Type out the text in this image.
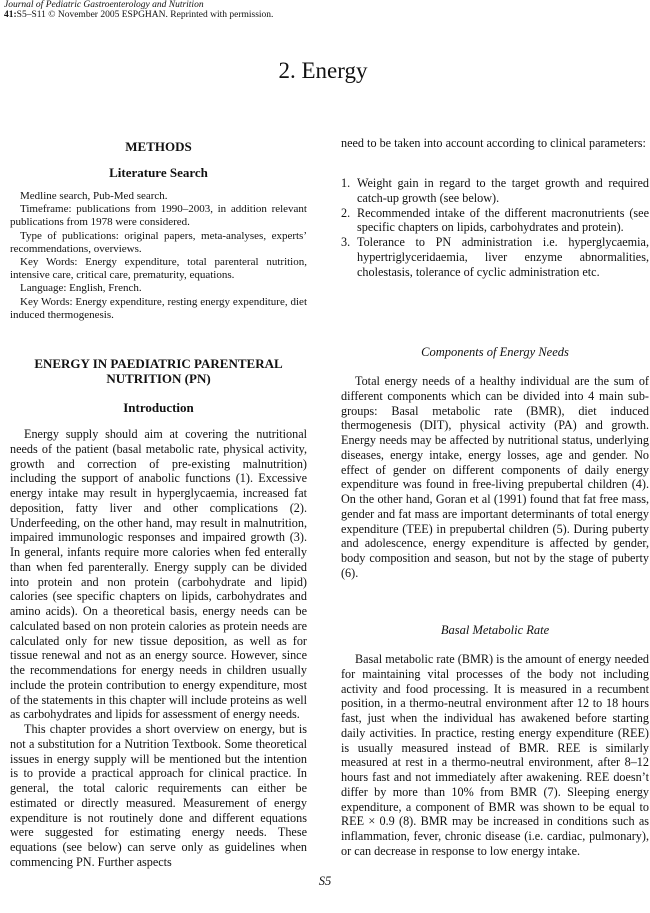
Journal of Pediatric Gastroenterology and Nutrition
41:S5–S11 © November 2005 ESPGHAN. Reprinted with permission.
2. Energy
METHODS
Literature Search

Medline search, Pub-Med search.

Timeframe: publications from 1990–2003, in addition relevant publications from 1978 were considered.

Type of publications: original papers, meta-analyses, experts’ recommendations, overviews.

Key Words: Energy expenditure, total parenteral nutrition, intensive care, critical care, prematurity, equations.

Language: English, French.

Key Words: Energy expenditure, resting energy expenditure, diet induced thermogenesis.

ENERGY IN PAEDIATRIC PARENTERAL NUTRITION (PN)
Introduction

Energy supply should aim at covering the nutritional needs of the patient (basal metabolic rate, physical activity, growth and correction of pre-existing malnutrition) including the support of anabolic functions (1). Excessive energy intake may result in hyperglycaemia, increased fat deposition, fatty liver and other complications (2). Underfeeding, on the other hand, may result in malnutrition, impaired immunologic responses and impaired growth (3). In general, infants require more calories when fed enterally than when fed parenterally. Energy supply can be divided into protein and non protein (carbohydrate and lipid) calories (see specific chapters on lipids, carbohydrates and amino acids). On a theoretical basis, energy needs can be calculated based on non protein calories as protein needs are calculated only for new tissue deposition, as well as for tissue renewal and not as an energy source. However, since the recommendations for energy needs in children usually include the protein contribution to energy expenditure, most of the statements in this chapter will include proteins as well as carbohydrates and lipids for assessment of energy needs.

This chapter provides a short overview on energy, but is not a substitution for a Nutrition Textbook. Some theoretical issues in energy supply will be mentioned but the intention is to provide a practical approach for clinical practice. In general, the total caloric requirements can either be estimated or directly measured. Measurement of energy expenditure is not routinely done and different equations were suggested for estimating energy needs. These equations (see below) can serve only as guidelines when commencing PN. Further aspects

need to be taken into account according to clinical parameters:
1. Weight gain in regard to the target growth and required catch-up growth (see below).
2. Recommended intake of the different macronutrients (see specific chapters on lipids, carbohydrates and protein).
3. Tolerance to PN administration i.e. hyperglycaemia, hypertriglyceridaemia, liver enzyme abnormalities, cholestasis, tolerance of cyclic administration etc.
Components of Energy Needs

Total energy needs of a healthy individual are the sum of different components which can be divided into 4 main sub-groups: Basal metabolic rate (BMR), diet induced thermogenesis (DIT), physical activity (PA) and growth. Energy needs may be affected by nutritional status, underlying diseases, energy intake, energy losses, age and gender. No effect of gender on different components of daily energy expenditure was found in free-living prepubertal children (4). On the other hand, Goran et al (1991) found that fat free mass, gender and fat mass are important determinants of total energy expenditure (TEE) in prepubertal children (5). During puberty and adolescence, energy expenditure is affected by gender, body composition and season, but not by the stage of puberty (6).

Basal Metabolic Rate

Basal metabolic rate (BMR) is the amount of energy needed for maintaining vital processes of the body not including activity and food processing. It is measured in a recumbent position, in a thermo-neutral environment after 12 to 18 hours fast, just when the individual has awakened before starting daily activities. In practice, resting energy expenditure (REE) is usually measured instead of BMR. REE is similarly measured at rest in a thermo-neutral environment, after 8–12 hours fast and not immediately after awakening. REE doesn’t differ by more than 10% from BMR (7). Sleeping energy expenditure, a component of BMR was shown to be equal to REE × 0.9 (8). BMR may be increased in conditions such as inflammation, fever, chronic disease (i.e. cardiac, pulmonary), or can decrease in response to low energy intake.

S5
